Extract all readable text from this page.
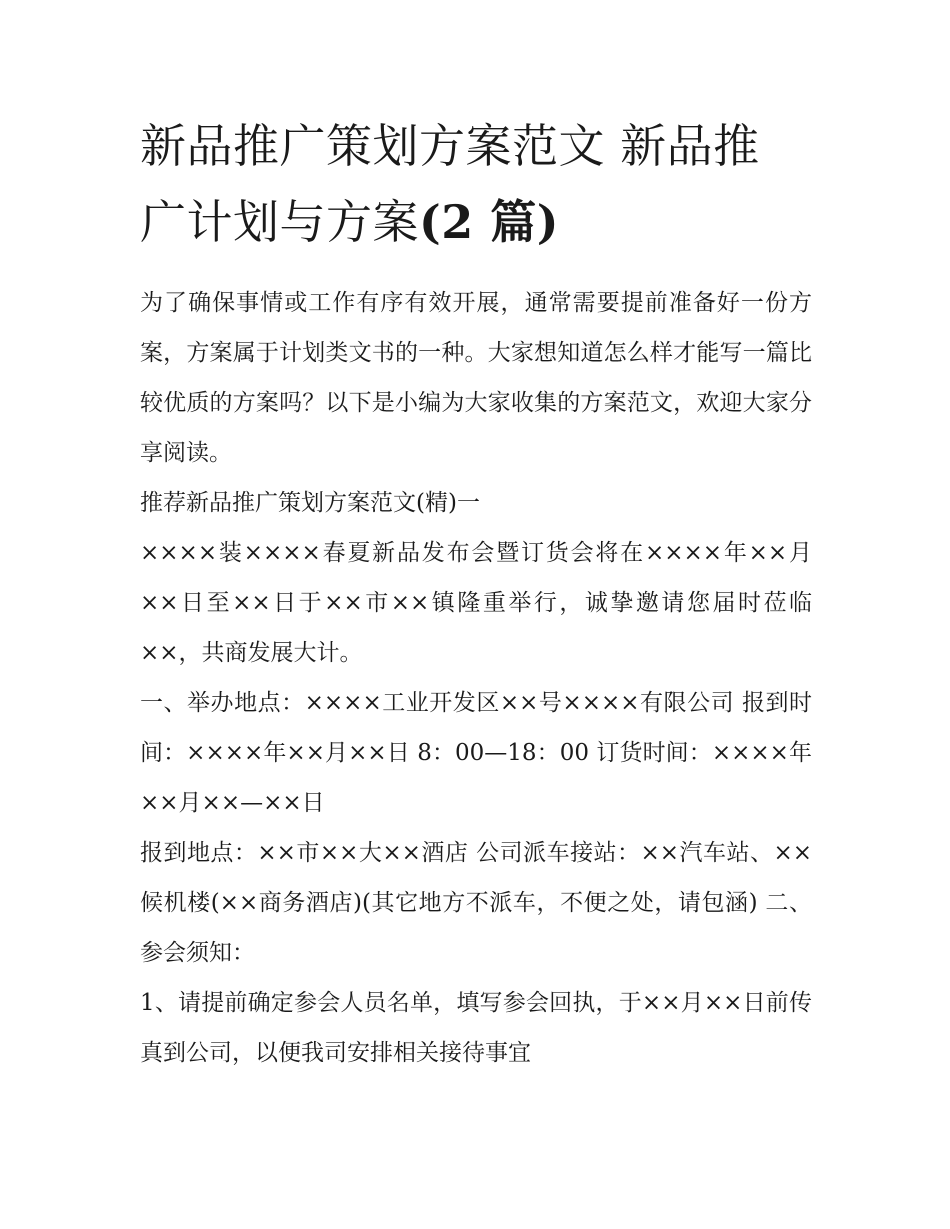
新品推广策划方案范文 新品推
广计划与方案(2 篇)

为了确保事情或工作有序有效开展，通常需要提前准备好一份方案，方案属于计划类文书的一种。大家想知道怎么样才能写一篇比较优质的方案吗？以下是小编为大家收集的方案范文，欢迎大家分享阅读。

推荐新品推广策划方案范文(精)一

××××装××××春夏新品发布会暨订货会将在××××年××月××日至××日于××市××镇隆重举行，诚挚邀请您届时莅临××，共商发展大计。

一、举办地点：××××工业开发区××号××××有限公司 报到时间：××××年××月××日 8：00—18：00 订货时间：××××年××月××—××日

报到地点：××市××大××酒店 公司派车接站：××汽车站、××候机楼(××商务酒店)(其它地方不派车，不便之处，请包涵) 二、参会须知：

1、请提前确定参会人员名单，填写参会回执，于××月××日前传真到公司，以便我司安排相关接待事宜
